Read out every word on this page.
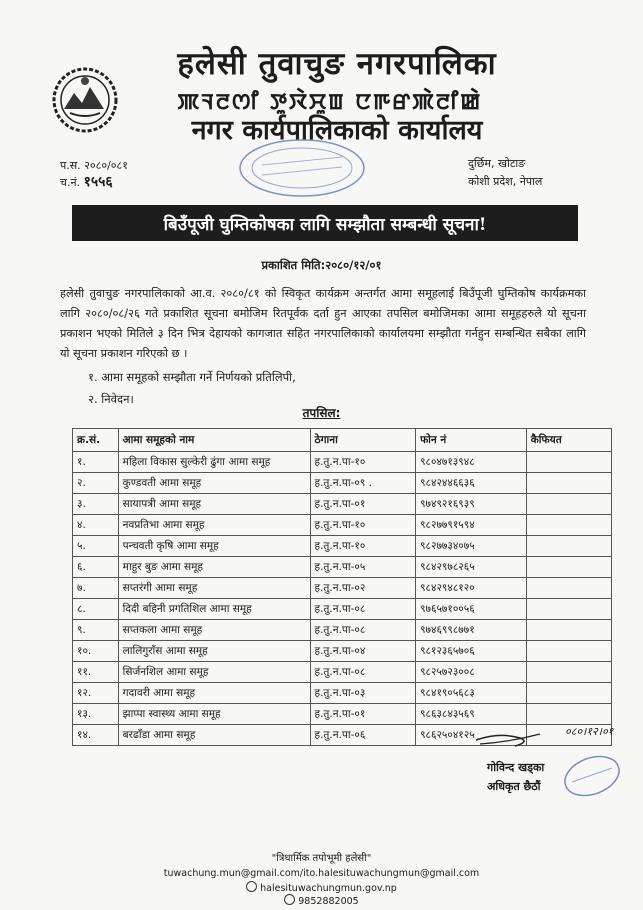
हलेसी तुवाचुङ नगरपालिका
ꯄꯜꯂꯁꯤ ꯇꯨꯋꯥꯆꯨꯡ ꯅꯒꯔꯄꯥꯂꯤꯀꯥ
नगर कार्यपालिकाको कार्यालय
प.स. २०८०/०८१
च.नं. १५५६
दुर्छिम, खोटाङ
कोशी प्रदेश, नेपाल
बिउँपूजी घुम्तिकोषका लागि सम्झौता सम्बन्धी सूचना!
प्रकाशित मिति:२०८०/१२/०१
हलेसी तुवाचुङ नगरपालिकाको आ.व. २०८०/८१ को स्विकृत कार्यक्रम अन्तर्गत आमा समूहलाई बिउँपूजी घुम्तिकोष कार्यक्रमका लागि २०८०/०८/२६ गते प्रकाशित सूचना बमोजिम रितपूर्वक दर्ता हुन आएका तपसिल बमोजिमका आमा समूहहरुले यो सूचना प्रकाशन भएको मितिले ३ दिन भित्र देहायको कागजात सहित नगरपालिकाको कार्यालयमा सम्झौता गर्नहुन सम्बन्धित सबैका लागि यो सूचना प्रकाशन गरिएको छ ।
१. आमा समूहको सम्झौता गर्ने निर्णयको प्रतिलिपी,
२. निवेदन।
तपसिल:
क्र.सं.	आमा समूहको नाम	ठेगाना	फोन नं	कैफियत
१.	महिला विकास सुल्केरी ढुंगा आमा समूह	ह.तु.न.पा-१०	९८०४७१३९४८	
२.	कुण्डवती आमा समूह	ह.तु.न.पा-०९ .	९८४२४४६६३६	
३.	सायापत्री आमा समूह	ह.तु.न.पा-०१	९७४९२१६९३९	
४.	नवप्रतिभा आमा समूह	ह.तु.न.पा-१०	९८२७७९१५९४	
५.	पन्चवती कृषि आमा समूह	ह.तु.न.पा-१०	९८२७७३४०७५	
६.	माहुर बुङ आमा समूह	ह.तु.न.पा-०५	९८४२९७८२६५	
७.	सप्तरंगी आमा समूह	ह.तु.न.पा-०२	९८४२९४८१२०	
८.	दिदी बहिनी प्रगतिशिल आमा समूह	ह.तु.न.पा-०८	९७६५७१००५६	
९.	सप्तकला आमा समूह	ह.तु.न.पा-०८	९७४६९९८७७१	
१०.	लालिगुराँस आमा समूह	ह.तु.न.पा-०४	९८१२३६५७०६	
११.	सिर्जनशिल आमा समूह	ह.तु.न.पा-०८	९८२५७२३००८	
१२.	गदावरी आमा समूह	ह.तु.न.पा-०३	९८४१९०५६८३	
१३.	झाप्पा स्वास्थ्य आमा समूह	ह.तु.न.पा-०१	९८६३८४३५६९	
१४.	बरढाँडा आमा समूह	ह.तु.न.पा-०६	९८६२५०४१२५		०८०।१२।०१
गोविन्द खड्का
अधिकृत छैठौं
"त्रिधार्मिक तपोभूमी हलेसी"
tuwachung.mun@gmail.com/ito.halesituwachungmun@gmail.com
halesituwachungmun.gov.np
9852882005
